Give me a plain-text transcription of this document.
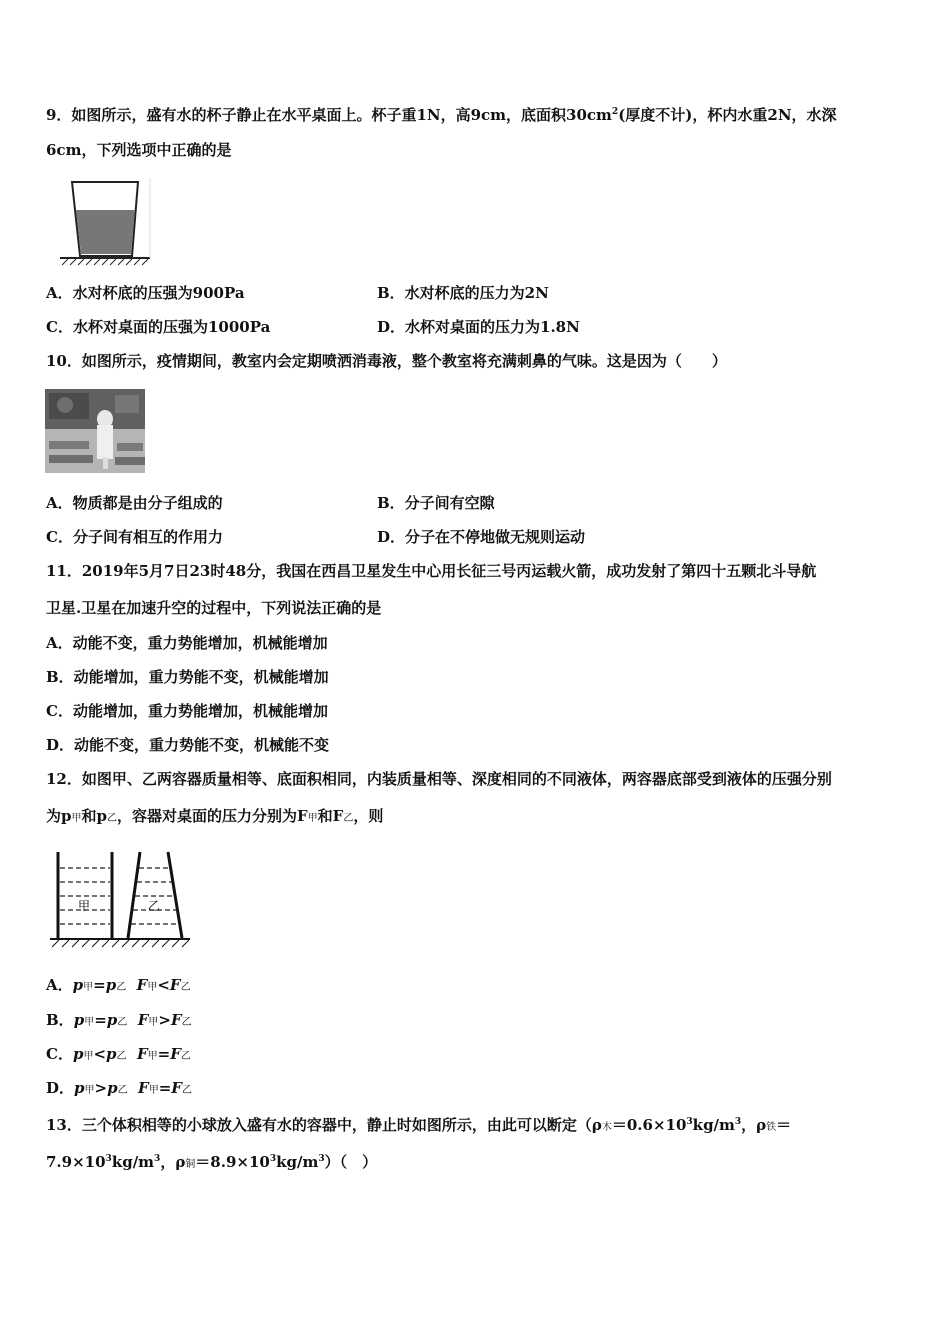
9．如图所示，盛有水的杯子静止在水平桌面上。杯子重1N，高9cm，底面积$30cm^2$(厚度不计)，杯内水重2N，水深
6cm，下列选项中正确的是
A．水对杯底的压强为900Pa	B．水对杯底的压力为2N
C．水杯对桌面的压强为1000Pa	D．水杯对桌面的压力为1.8N
10．如图所示，疫情期间，教室内会定期喷洒消毒液，整个教室将充满刺鼻的气味。这是因为（　　）
A．物质都是由分子组成的	B．分子间有空隙
C．分子间有相互的作用力	D．分子在不停地做无规则运动
11．2019年5月7日23时48分，我国在西昌卫星发生中心用长征三号丙运载火箭，成功发射了第四十五颗北斗导航
卫星.卫星在加速升空的过程中，下列说法正确的是
A．动能不变，重力势能增加，机械能增加
B．动能增加，重力势能不变，机械能增加
C．动能增加，重力势能增加，机械能增加
D．动能不变，重力势能不变，机械能不变
12．如图甲、乙两容器质量相等、底面积相同，内装质量相等、深度相同的不同液体，两容器底部受到液体的压强分别
为p甲和p乙，容器对桌面的压力分别为F甲和F乙，则
甲	乙
A．p甲=p乙 F甲<F乙
B．p甲=p乙 F甲>F乙
C．p甲<p乙 F甲=F乙
D．p甲>p乙 F甲=F乙
13．三个体积相等的小球放入盛有水的容器中，静止时如图所示，由此可以断定（ρ木$=0.6\times 10^3kg/m^3$，ρ铁＝
$7.9\times 10^3kg/m^3$，ρ铜$=8.9\times 10^3kg/m^3$）（　）
